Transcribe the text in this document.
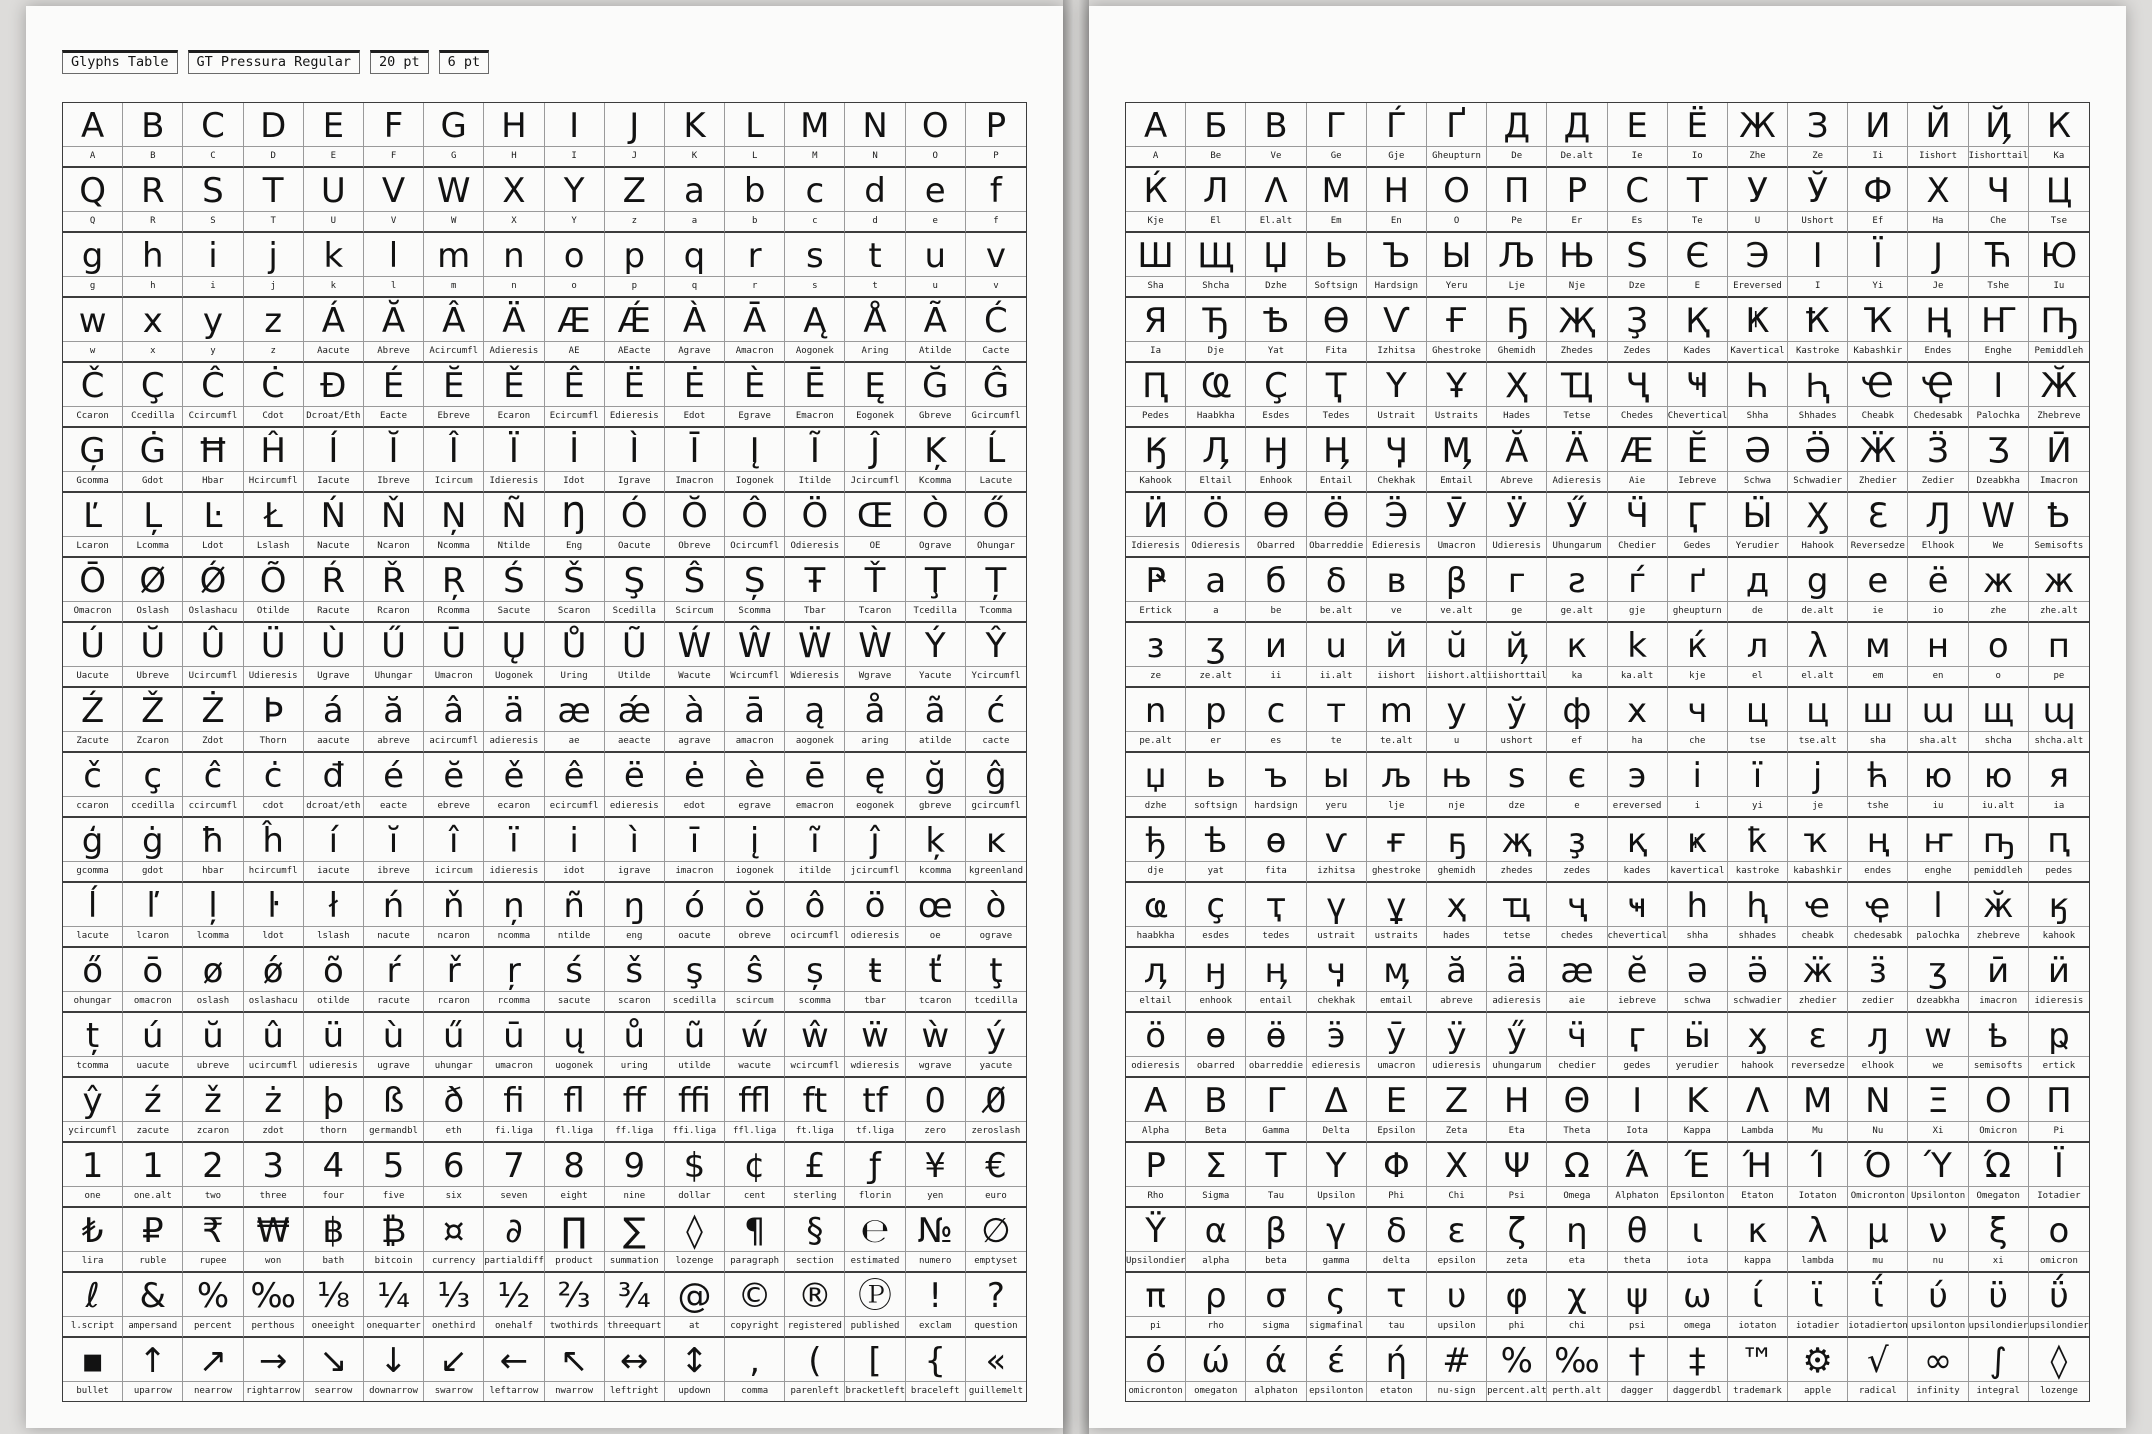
Glyphs Table	GT Pressura Regular	20 pt	6 pt
A	B	C	D	E	F	G	H	I	J	K	L	M N	O	P
A	B	C	D	E	F	G	H	I	J	K	L	M	N	O	P
Q	R	S	T	U	V W X	Y	Z	a	b	c	d	e	f
Q	R	S	T	U	V	W	X	Y	z	a	b	c	d	e	f
g	h	i	j	k	l	m n	o	p	q	r	s	t	u	v
g	h	i	j	k	l	m	n	o	p	q	r	s	t	u	v
w	x	y	z	Á	Ă	Â	Ä Æ Ǽ À	Ā	Ą	Å	Ã	Ć
w	x	y	z	Aacute	Abreve	Acircumfl	Adieresis	AE	AEacte	Agrave	Amacron	Aogonek	Aring	Atilde	Cacte
Č	Ç	Ĉ	Ċ	Đ	É	Ĕ	Ě	Ê	Ë	Ė	È	Ē	Ę	Ğ	Ĝ
Ccaron	Ccedilla	Ccircumfl	Cdot	Dcroat/Eth	Eacte	Ebreve	Ecaron	Ecircumfl	Edieresis	Edot	Egrave	Emacron	Eogonek	Gbreve	Gcircumfl
Ģ Ġ Ħ Ĥ	Í	Ĭ	Î	Ï	İ	Ì	Ī	Į	Ĩ	Ĵ	Ķ	Ĺ
Gcomma	Gdot	Hbar	Hcircumfl	Iacute	Ibreve	Icircum	Idieresis	Idot	Igrave	Imacron	Iogonek	Itilde	Jcircumfl	Kcomma	Lacute
Ľ	Ļ	Ŀ	Ł	Ń	Ň	Ņ	Ñ	Ŋ	Ó Ŏ Ô Ö Œ Ò Ő
Lcaron	Lcomma	Ldot	Lslash	Nacute	Ncaron	Ncomma	Ntilde	Eng	Oacute	Obreve	Ocircumfl	Odieresis	OE	Ograve	Ohungar
Ō Ø Ǿ Õ	Ŕ	Ř	Ŗ	Ś	Š	Ş	Ŝ	Ș	Ŧ	Ť	Ţ	Ț
Omacron	Oslash	Oslashacu	Otilde	Racute	Rcaron	Rcomma	Sacute	Scaron	Scedilla	Scircum	Scomma	Tbar	Tcaron	Tcedilla	Tcomma
Ú	Ŭ	Û	Ü	Ù	Ű	Ū	Ų	Ů	Ũ Ẃ Ŵ Ẅ Ẁ Ý	Ŷ
Uacute	Ubreve	Ucircumfl	Udieresis	Ugrave	Uhungar	Umacron	Uogonek	Uring	Utilde	Wacute	Wcircumfl	Wdieresis	Wgrave	Yacute	Ycircumfl
Ź	Ž	Ż	Þ	á	ă	â	ä æ ǽ à	ā	ą	å	ã	ć
Zacute	Zcaron	Zdot	Thorn	aacute	abreve	acircumfl	adieresis	ae	aeacte	agrave	amacron	aogonek	aring	atilde	cacte
č	ç	ĉ	ċ	đ	é	ĕ	ě	ê	ë	ė	è	ē	ę	ğ	ĝ
ccaron	ccedilla	ccircumfl	cdot	dcroat/eth	eacte	ebreve	ecaron	ecircumfl	edieresis	edot	egrave	emacron	eogonek	gbreve	gcircumfl
ģ	ġ	ħ	ĥ	í	ĭ	î	ï	i	ì	ī	į	ĩ	ĵ	ķ	ĸ
gcomma	gdot	hbar	hcircumfl	iacute	ibreve	icircum	idieresis	idot	igrave	imacron	iogonek	itilde	jcircumfl	kcomma	kgreenland
ĺ	ľ	ļ	ŀ	ł	ń	ň	ņ	ñ	ŋ	ó	ŏ	ô	ö œ ò
lacute	lcaron	lcomma	ldot	lslash	nacute	ncaron	ncomma	ntilde	eng	oacute	obreve	ocircumfl	odieresis	oe	ograve
ő	ō	ø	ǿ	õ	ŕ	ř	ŗ	ś	š	ş	ŝ	ș	ŧ	ť	ţ
ohungar	omacron	oslash	oslashacu	otilde	racute	rcaron	rcomma	sacute	scaron	scedilla	scircum	scomma	tbar	tcaron	tcedilla
ț	ú	ŭ	û	ü	ù	ű	ū	ų	ů	ũ	ẃ ŵ ẅ ẁ	ý
tcomma	uacute	ubreve	ucircumfl	udieresis	ugrave	uhungar	umacron	uogonek	uring	utilde	wacute	wcircumfl	wdieresis	wgrave	yacute
ŷ	ź	ž	ż	þ	ß	ð	ﬁ	ﬂ	ﬀ ﬃ ﬄ ft	tf	0	0̸
ycircumfl	zacute	zcaron	zdot	thorn	germandbl	eth	fi.liga	fl.liga	ff.liga	ffi.liga	ffl.liga	ft.liga	tf.liga	zero	zeroslash
1	1	2	3	4	5	6	7	8	9	$	¢	£	ƒ	¥	€
one	one.alt	two	three	four	five	six	seven	eight	nine	dollar	cent	sterling	florin	yen	euro
₺	₽	₹ ₩ ฿	₿	¤	∂	∏	∑	◊	¶	§	℮ № ∅
lira	ruble	rupee	won	bath	bitcoin	currency partialdiff	product	summation	lozenge	paragraph	section	estimated	numero	emptyset
ℓ	& % ‰ ⅛ ¼ ⅓ ½ ⅔ ¾ @ © ® Ⓟ	!	?
l.script	ampersand	percent	perthous	oneeight	onequarter	onethird	onehalf	twothirds threequart	at	copyright registered published	exclam	question
▪	↑ ↗ → ↘ ↓ ↙ ← ↖ ↔ ↕	,	(	[	{	«
bullet	uparrow	nearrow	rightarrow	searrow	downarrow	swarrow	leftarrow	nwarrow	leftright	updown	comma	parenleft bracketleft braceleft	guillemelt
А	Б	В	Г	Ѓ	Ґ	Д Д	Е	Ё Ж З	И	Й	Ҋ	К
A	Be	Ve	Ge	Gje	Gheupturn	De	De.alt	Ie	Io	Zhe	Ze	Ii	Iishort	Iishorttail	Ka
Ќ	Л	Λ М Н	О	П	Р	С	Т	У	Ў	Ф Х	Ч	Ц
Kje	El	El.alt	Em	En	O	Pe	Er	Es	Te	U	Ushort	Ef	Ha	Che	Tse
Ш Щ Џ	Ь	Ъ Ы Љ Њ Ѕ	Є	Э	І	Ї	Ј	Ћ Ю
Sha	Shcha	Dzhe	Softsign	Hardsign	Yeru	Lje	Nje	Dze	E	Ereversed	I	Yi	Je	Tshe	Iu
Я	Ђ Ѣ Ѳ Ѵ	Ғ	Ҕ Җ Ҙ	Қ	Ҝ	Ҟ Ҡ Ң Ҥ Ҧ
Ia	Dje	Yat	Fita	Izhitsa	Ghestroke	Ghemidh	Zhedes	Zedes	Kades	Kavertical	Kastroke	Kabashkir	Endes	Enghe	Pemiddleh
Ԥ Ҩ Ҫ	Ҭ	Ү	Ұ	Ҳ Ҵ Ҷ	Ҹ	Һ	Ԧ Ҽ Ҿ	Ӏ	Ӂ
Pedes	Haabkha	Esdes	Tedes	Ustrait	Ustraits	Hades	Tetse	Chedes	Chevertical	Shha	Shhades	Cheabk	Chedesabk	Palochka	Zhebreve
Ӄ	Ӆ	Ӈ	Ӊ	Ӌ Ӎ Ӑ	Ӓ Ӕ Ӗ	Ә Ӛ Ӝ Ӟ	Ӡ	Ӣ
Kahook	Eltail	Enhook	Entail	Chekhak	Emtail	Abreve	Adieresis	Aie	Iebreve	Schwa	Schwadier	Zhedier	Zedier	Dzeabkha	Imacron
Ӥ	Ӧ Ө Ӫ	Ӭ	Ӯ	Ӱ	Ӳ	Ӵ	Ӷ	Ӹ Ӽ	Ԑ	Ԓ Ԝ Ҍ
Idieresis	Odieresis	Obarred	Obarreddie Edieresis	Umacron	Udieresis	Uhungarum	Chedier	Gedes	Yerudier	Hahook	Reversedze	Elhook	We	Semisofts
Ҏ	а	б	δ	в	β	г	ƨ	ѓ	ґ	д	g	е	ё	ж ж
Ertick	a	be	be.alt	ve	ve.alt	ge	ge.alt	gje	gheupturn	de	de.alt	ie	io	zhe	zhe.alt
з	ӡ	и	u	й	ŭ	ҋ	к	k	ќ	л	λ	м	н	о	п
ze	ze.alt	ii	ii.alt	iishort	iishort.alt iishorttail	ka	ka.alt	kje	el	el.alt	em	en	o	pe
n	р	с	т m у	ў	ф	х	ч	ц	ц ш ɯ щ ɰ
pe.alt	er	es	te	te.alt	u	ushort	ef	ha	che	tse	tse.alt	sha	sha.alt	shcha	shcha.alt
џ	ь	ъ	ы љ њ	ѕ	є	э	і	ї	ј	ћ	ю ю	я
dzhe	softsign	hardsign	yeru	lje	nje	dze	e	ereversed	i	yi	je	tshe	iu	iu.alt	ia
ђ	ѣ	ѳ	ѵ	ғ	ҕ	җ	ҙ	қ	ҝ	ҟ	ҡ	ң	ҥ ҧ ԥ
dje	yat	fita	izhitsa	ghestroke	ghemidh	zhedes	zedes	kades	kavertical	kastroke	kabashkir	endes	enghe	pemiddleh	pedes
ҩ	ҫ	ҭ	ү	ұ	ҳ	ҵ	ҷ	ҹ	һ	ԧ	ҽ	ҿ	ӏ	ӂ	ӄ
haabkha	esdes	tedes	ustrait	ustraits	hades	tetse	chedes	chevertical	shha	shhades	cheabk	chedesabk	palochka	zhebreve	kahook
ӆ	ӈ	ӊ	ӌ	ӎ	ӑ	ӓ ӕ ӗ	ә	ӛ	ӝ	ӟ	ӡ	ӣ	ӥ
eltail	enhook	entail	chekhak	emtail	abreve	adieresis	aie	iebreve	schwa	schwadier	zhedier	zedier	dzeabkha	imacron	idieresis
ӧ	ө	ӫ	ӭ	ӯ	ӱ	ӳ	ӵ	ӷ	ӹ	ӽ	ԑ	ԓ	ԝ	ҍ	ҏ
odieresis	obarred	obarreddie edieresis	umacron	udieresis	uhungarum	chedier	gedes	yerudier	hahook	reversedze	elhook	we	semisofts	ertick
Α	Β	Γ	Δ	Ε	Ζ	Η	Θ	Ι	Κ	Λ Μ Ν	Ξ	Ο	Π
Alpha	Beta	Gamma	Delta	Epsilon	Zeta	Eta	Theta	Iota	Kappa	Lambda	Mu	Nu	Xi	Omicron	Pi
Ρ	Σ	Τ	Υ	Φ	Χ	Ψ Ω	Ά	Έ Ή	Ί	Ό Ύ Ώ	Ϊ
Rho	Sigma	Tau	Upsilon	Phi	Chi	Psi	Omega	Alphaton	Epsilonton	Etaton	Iotaton	Omicronton Upsilonton	Omegaton	Iotadier
Ϋ	α	β	γ	δ	ε	ζ	η	θ	ι	κ	λ	μ	ν	ξ	ο
Upsilondier	alpha	beta	gamma	delta	epsilon	zeta	eta	theta	iota	kappa	lambda	mu	nu	xi	omicron
π	ρ	σ	ς	τ	υ	φ	χ	ψ	ω	ί	ϊ	ΐ	ύ	ϋ	ΰ
pi	rho	sigma	sigmafinal	tau	upsilon	phi	chi	psi	omega	iotaton	iotadier iotadierton upsilonton upsilondier upsilondier
ό	ώ	ά	έ	ή	# % ‰ †	‡	™ ⚙	√	∞	∫	◊
omicronton	omegaton	alphaton	epsilonton	etaton	nu-sign	percent.alt perth.alt	dagger	daggerdbl	trademark	apple	radical	infinity	integral	lozenge
